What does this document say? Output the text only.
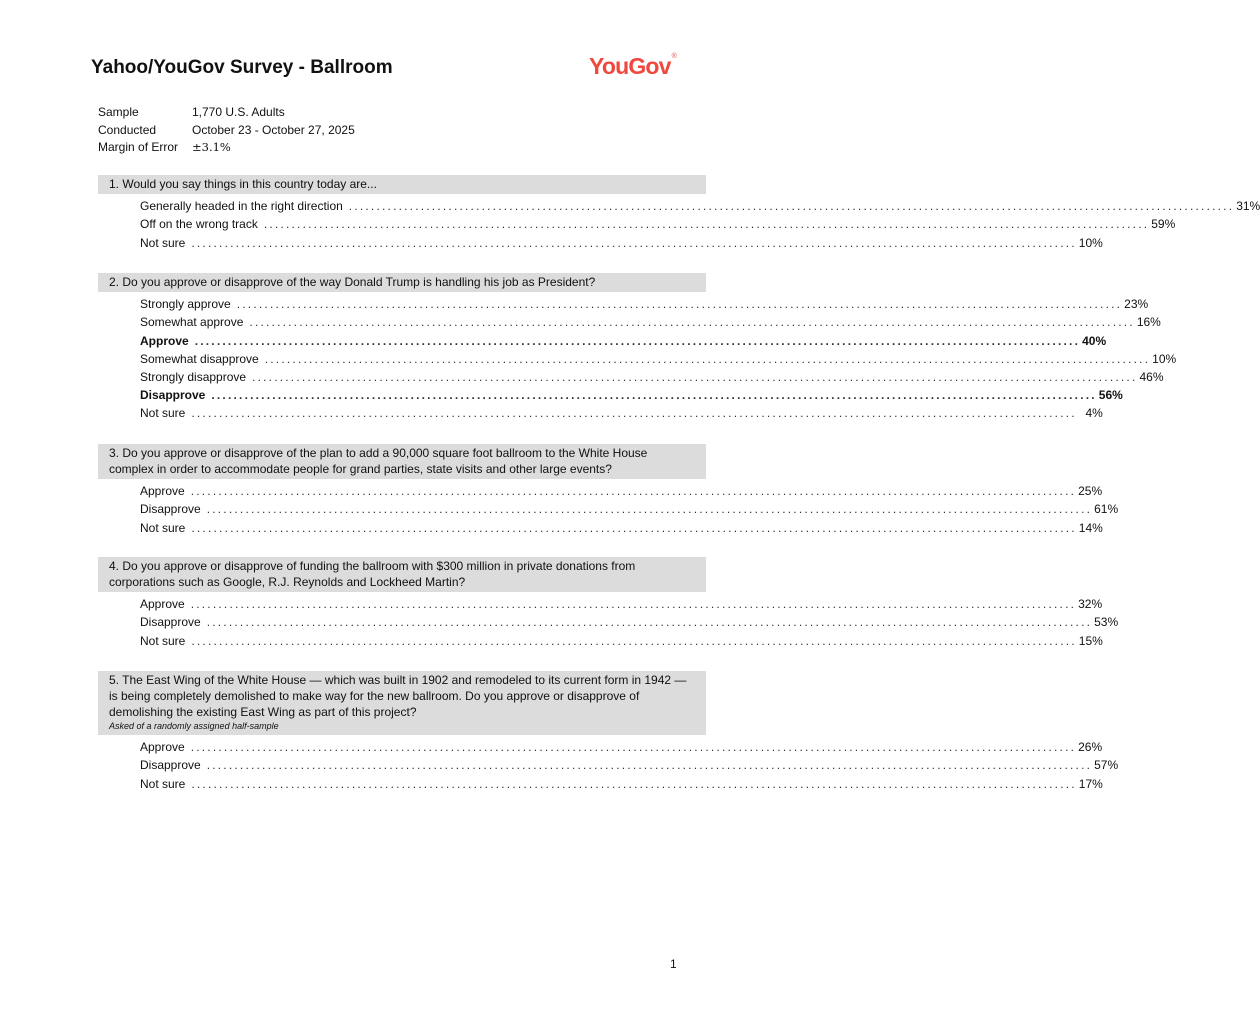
Yahoo/YouGov Survey - Ballroom	YouGov®
Sample	1,770 U.S. Adults
Conducted	October 23 - October 27, 2025
Margin of Error	±3.1%
1. Would you say things in this country today are...
Generally headed in the right direction ................................................................................................................................................................ 31%
Off on the wrong track ................................................................................................................................................................ 59%
Not sure ................................................................................................................................................................ 10%
2. Do you approve or disapprove of the way Donald Trump is handling his job as President?
Strongly approve ................................................................................................................................................................ 23%
Somewhat approve ................................................................................................................................................................ 16%
Approve ................................................................................................................................................................ 40%
Somewhat disapprove ................................................................................................................................................................ 10%
Strongly disapprove ................................................................................................................................................................ 46%
Disapprove ................................................................................................................................................................ 56%
Not sure ................................................................................................................................................................ 4%
3. Do you approve or disapprove of the plan to add a 90,000 square foot ballroom to the White House complex in order to accommodate people for grand parties, state visits and other large events?
Approve ................................................................................................................................................................ 25%
Disapprove ................................................................................................................................................................ 61%
Not sure ................................................................................................................................................................ 14%
4. Do you approve or disapprove of funding the ballroom with $300 million in private donations from corporations such as Google, R.J. Reynolds and Lockheed Martin?
Approve ................................................................................................................................................................ 32%
Disapprove ................................................................................................................................................................ 53%
Not sure ................................................................................................................................................................ 15%
5. The East Wing of the White House — which was built in 1902 and remodeled to its current form in 1942 — is being completely demolished to make way for the new ballroom. Do you approve or disapprove of demolishing the existing East Wing as part of this project?
Asked of a randomly assigned half-sample
Approve ................................................................................................................................................................ 26%
Disapprove ................................................................................................................................................................ 57%
Not sure ................................................................................................................................................................ 17%
1
